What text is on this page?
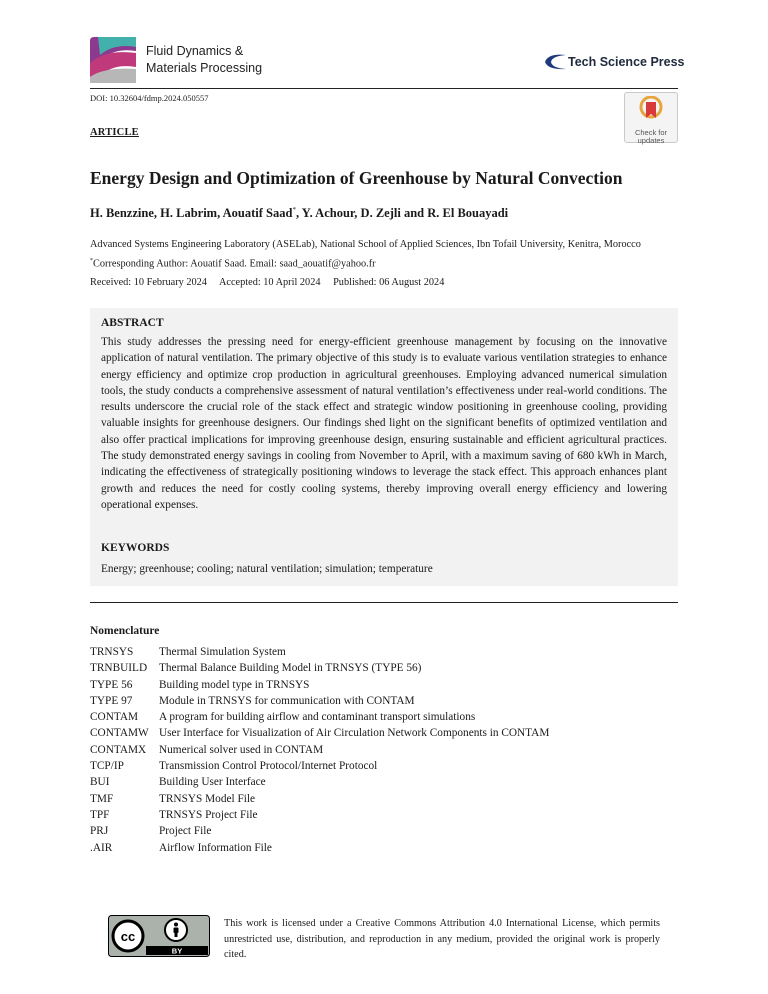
Fluid Dynamics &
Materials Processing	Tech Science Press
DOI: 10.32604/fdmp.2024.050557
Check for updates
ARTICLE
Energy Design and Optimization of Greenhouse by Natural Convection
H. Benzzine, H. Labrim, Aouatif Saad*, Y. Achour, D. Zejli and R. El Bouayadi
Advanced Systems Engineering Laboratory (ASELab), National School of Applied Sciences, Ibn Tofail University, Kenitra, Morocco
*Corresponding Author: Aouatif Saad. Email: saad_aouatif@yahoo.fr
Received: 10 February 2024 Accepted: 10 April 2024 Published: 06 August 2024
ABSTRACT
This study addresses the pressing need for energy-efficient greenhouse management by focusing on the innovative application of natural ventilation. The primary objective of this study is to evaluate various ventilation strategies to enhance energy efficiency and optimize crop production in agricultural greenhouses. Employing advanced numerical simulation tools, the study conducts a comprehensive assessment of natural ventilation’s effectiveness under real-world conditions. The results underscore the crucial role of the stack effect and strategic window positioning in greenhouse cooling, providing valuable insights for greenhouse designers. Our findings shed light on the significant benefits of optimized ventilation and also offer practical implications for improving greenhouse design, ensuring sustainable and efficient agricultural practices. The study demonstrated energy savings in cooling from November to April, with a maximum saving of 680 kWh in March, indicating the effectiveness of strategically positioning windows to leverage the stack effect. This approach enhances plant growth and reduces the need for costly cooling systems, thereby improving overall energy efficiency and lowering operational expenses.
KEYWORDS
Energy; greenhouse; cooling; natural ventilation; simulation; temperature
Nomenclature
TRNSYS	Thermal Simulation System
TRNBUILD	Thermal Balance Building Model in TRNSYS (TYPE 56)
TYPE 56	Building model type in TRNSYS
TYPE 97	Module in TRNSYS for communication with CONTAM
CONTAM	A program for building airflow and contaminant transport simulations
CONTAMW User Interface for Visualization of Air Circulation Network Components in CONTAM
CONTAMX	Numerical solver used in CONTAM
TCP/IP	Transmission Control Protocol/Internet Protocol
BUI	Building User Interface
TMF	TRNSYS Model File
TPF	TRNSYS Project File
PRJ	Project File
.AIR	Airflow Information File
cc
BY
This work is licensed under a Creative Commons Attribution 4.0 International License, which permits unrestricted use, distribution, and reproduction in any medium, provided the original work is properly cited.
